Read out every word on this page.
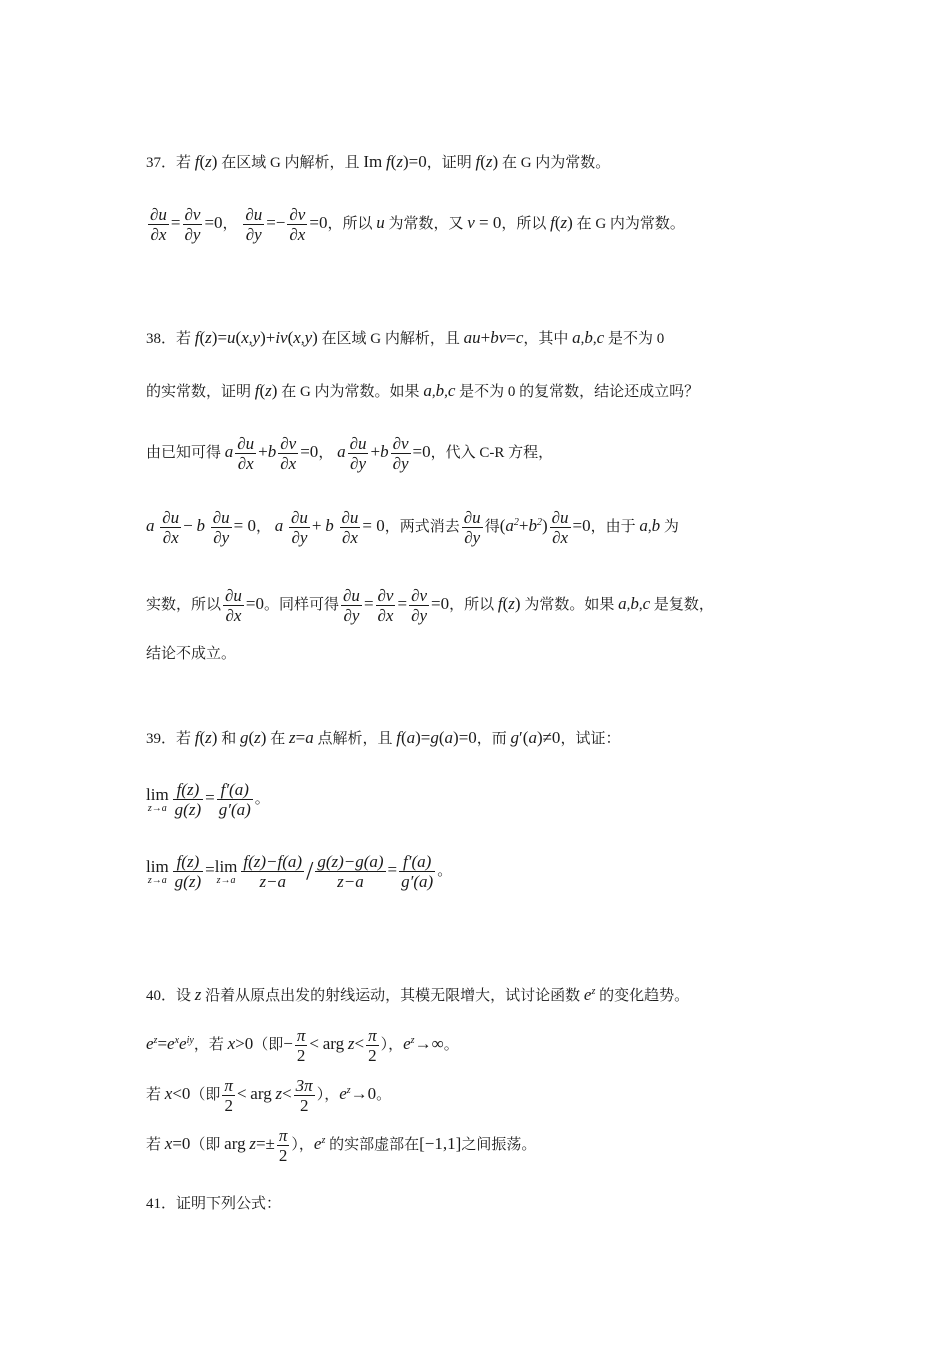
37．若 f(z) 在区域 G 内解析，且 Im f(z)=0，证明 f(z) 在 G 内为常数。
$\frac{\partial u}{\partial x} = \frac{\partial v}{\partial y} =0$， $\frac{\partial u}{\partial y} =- \frac{\partial v}{\partial x} =0$，所以 u 为常数，又 v = 0，所以 f(z) 在 G 内为常数。
38．若 f(z)=u(x,y)+iv(x,y) 在区域 G 内解析，且 au+bv=c，其中 a,b,c 是不为 0
的实常数，证明 f(z) 在 G 内为常数。如果 a,b,c 是不为 0 的复常数，结论还成立吗？
由已知可得 a $\frac{\partial u}{\partial x} +b \frac{\partial v}{\partial x} =0$， a $\frac{\partial u}{\partial y} +b \frac{\partial v}{\partial y} =0$，代入 C-R 方程，
a $\frac{\partial u}{\partial x} - b \frac{\partial u}{\partial y} = 0$， a $\frac{\partial u}{\partial y} + b \frac{\partial u}{\partial x} = 0$，两式消去 $\frac{\partial u}{\partial y}$ 得$(a^2+b^2) \frac{\partial u}{\partial x} =0$，由于 a,b 为
实数，所以 $\frac{\partial u}{\partial x} =0$。同样可得 $\frac{\partial u}{\partial y} = \frac{\partial v}{\partial x} = \frac{\partial v}{\partial y} =0$，所以 f(z) 为常数。如果 a,b,c 是复数，
结论不成立。
39．若 f(z) 和 g(z) 在 z=a 点解析，且 f(a)=g(a)=0，而 g′(a)≠0，试证：
lim
$z\to a \frac{f(z)}{g(z)} = \frac{f'(a)}{g'(a)}$ 。
lim
$z\to a \frac{f(z)}{g(z)} =\lim$
$z\to a \frac{f(z)-f(a)}{z-a} / \frac{g(z)-g(a)}{z-a} = \frac{f'(a)}{g'(a)}$ 。
40．设 z 沿着从原点出发的射线运动，其模无限增大，试讨论函数 $e^z$ 的变化趋势。
$e^z=e^xe^{iy}$，若 x>0（即− $\frac{\pi}{2}$ < arg $z< \frac{\pi}{2}$ ），$e^z\to\infty$。
若 x<0（即 $\frac{\pi}{2}$ < arg $z< \frac{3\pi}{2}$ ），$e^z\to 0$。
若 x=0（即 arg $z=\pm \frac{\pi}{2}$ ），$e^z$ 的实部虚部在[−1,1]之间振荡。
41．证明下列公式：
